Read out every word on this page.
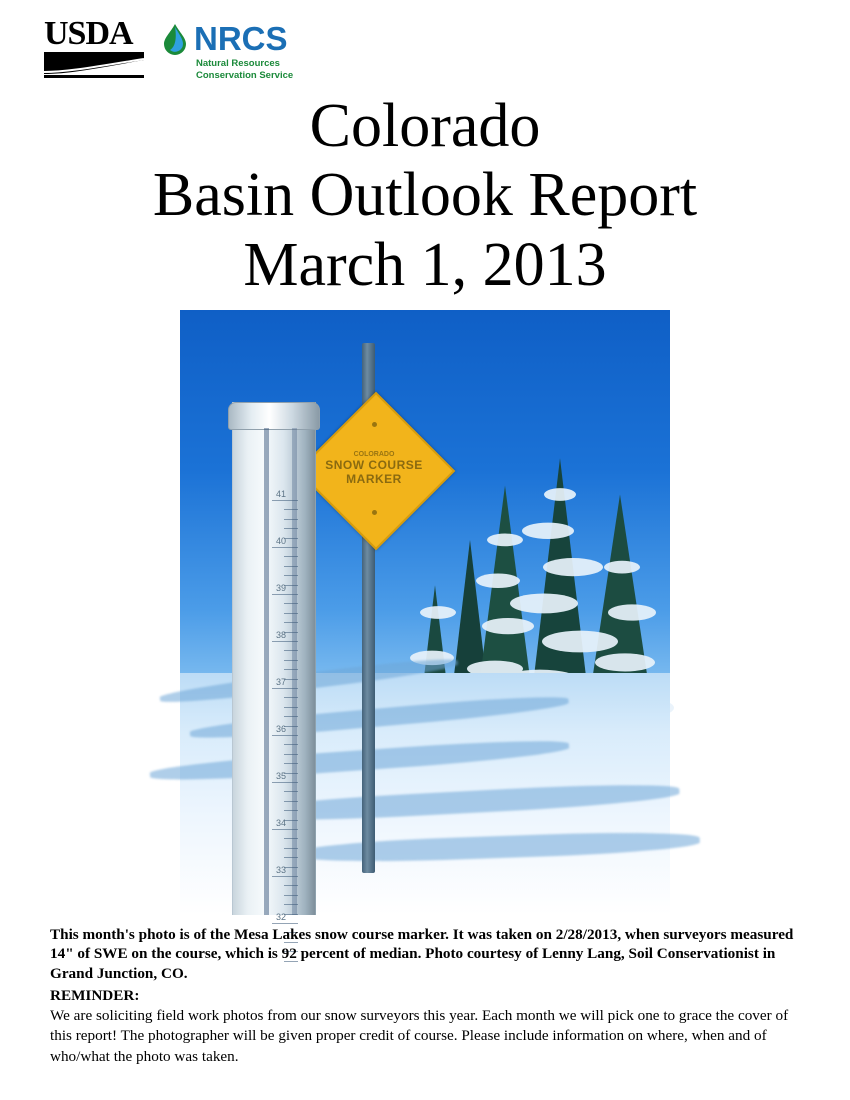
USDA	NRCS
Natural Resources
Conservation Service
Colorado
Basin Outlook Report
March 1, 2013
COLORADO
SNOW COURSE
MARKER
41
40
39
38
37
36
35
34
33
32
This month's photo is of the Mesa Lakes snow course marker. It was taken on 2/28/2013, when surveyors measured 14" of SWE on the course, which is 92 percent of median. Photo courtesy of Lenny Lang, Soil Conservationist in Grand Junction, CO.
REMINDER:
We are soliciting field work photos from our snow surveyors this year. Each month we will pick one to grace the cover of this report! The photographer will be given proper credit of course. Please include information on where, when and of who/what the photo was taken.
